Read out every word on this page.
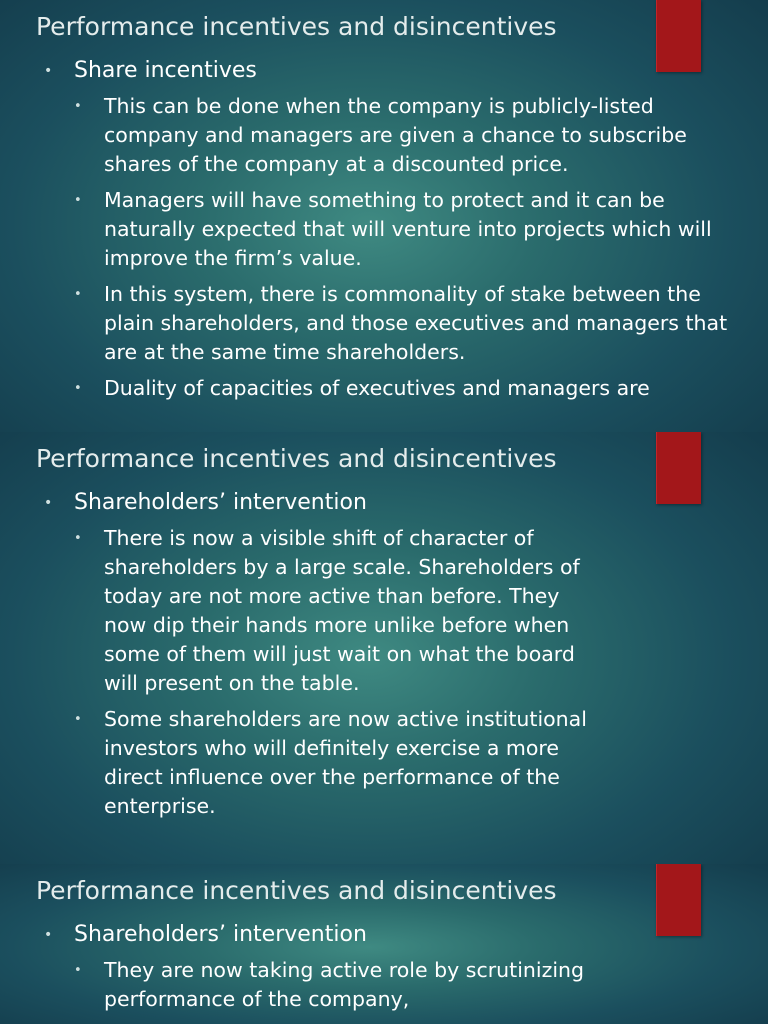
Performance incentives and disincentives
• Share incentives
• This can be done when the company is publicly-listed company and managers are given a chance to subscribe shares of the company at a discounted price.
• Managers will have something to protect and it can be naturally expected that will venture into projects which will improve the firm’s value.
• In this system, there is commonality of stake between the plain shareholders, and those executives and managers that are at the same time shareholders.
• Duality of capacities of executives and managers are
Performance incentives and disincentives
• Shareholders’ intervention
• There is now a visible shift of character of shareholders by a large scale. Shareholders of today are not more active than before. They now dip their hands more unlike before when some of them will just wait on what the board will present on the table.
• Some shareholders are now active institutional investors who will definitely exercise a more direct influence over the performance of the enterprise.
Performance incentives and disincentives
• Shareholders’ intervention
• They are now taking active role by scrutinizing performance of the company,
